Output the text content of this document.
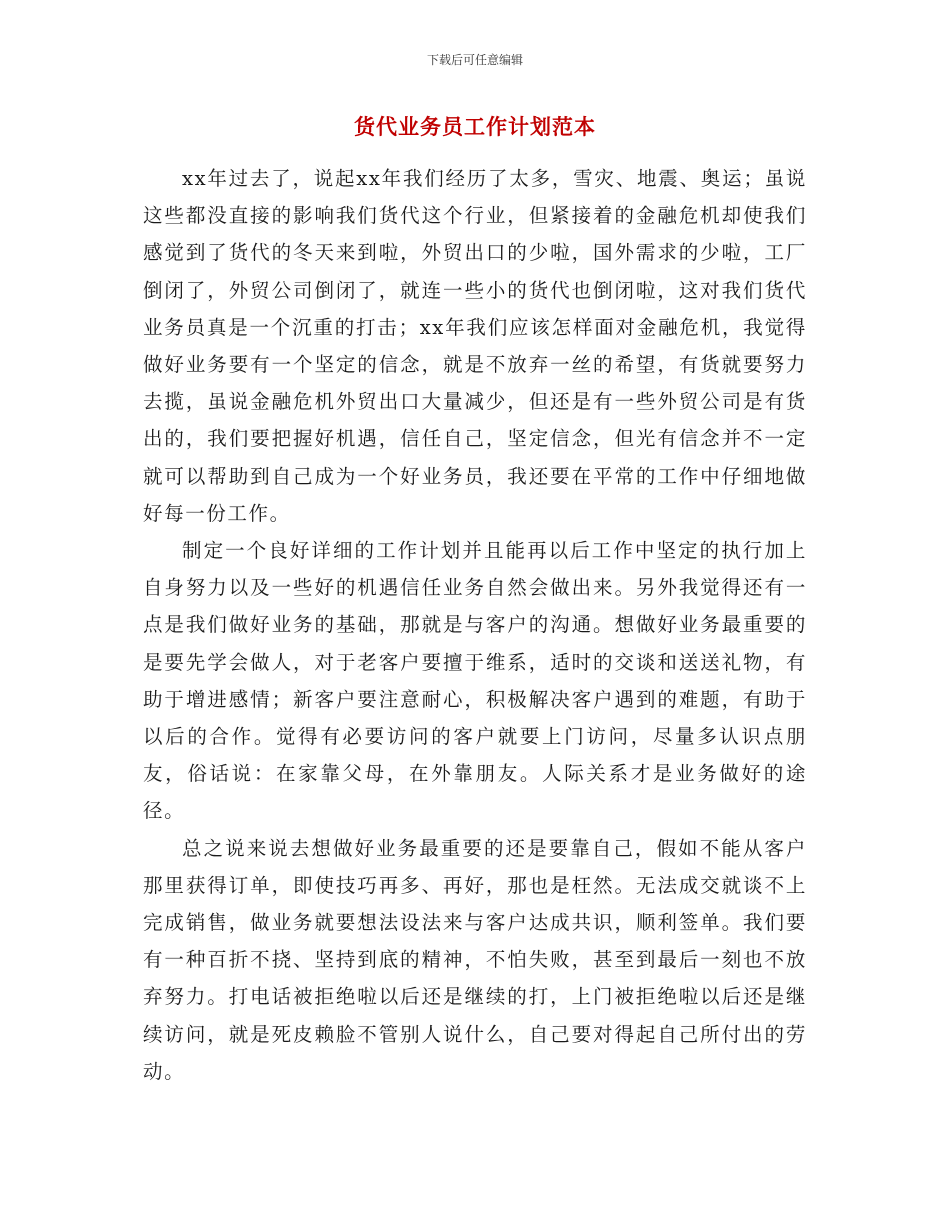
下载后可任意编辑
货代业务员工作计划范本

xx年过去了，说起xx年我们经历了太多，雪灾、地震、奥运；虽说这些都没直接的影响我们货代这个行业，但紧接着的金融危机却使我们感觉到了货代的冬天来到啦，外贸出口的少啦，国外需求的少啦，工厂倒闭了，外贸公司倒闭了，就连一些小的货代也倒闭啦，这对我们货代业务员真是一个沉重的打击；xx年我们应该怎样面对金融危机，我觉得做好业务要有一个坚定的信念，就是不放弃一丝的希望，有货就要努力去揽，虽说金融危机外贸出口大量减少，但还是有一些外贸公司是有货出的，我们要把握好机遇，信任自己，坚定信念，但光有信念并不一定就可以帮助到自己成为一个好业务员，我还要在平常的工作中仔细地做好每一份工作。

制定一个良好详细的工作计划并且能再以后工作中坚定的执行加上自身努力以及一些好的机遇信任业务自然会做出来。另外我觉得还有一点是我们做好业务的基础，那就是与客户的沟通。想做好业务最重要的是要先学会做人，对于老客户要擅于维系，适时的交谈和送送礼物，有助于增进感情；新客户要注意耐心，积极解决客户遇到的难题，有助于以后的合作。觉得有必要访问的客户就要上门访问，尽量多认识点朋友，俗话说：在家靠父母，在外靠朋友。人际关系才是业务做好的途径。

总之说来说去想做好业务最重要的还是要靠自己，假如不能从客户那里获得订单，即使技巧再多、再好，那也是枉然。无法成交就谈不上完成销售，做业务就要想法设法来与客户达成共识，顺利签单。我们要有一种百折不挠、坚持到底的精神，不怕失败，甚至到最后一刻也不放弃努力。打电话被拒绝啦以后还是继续的打，上门被拒绝啦以后还是继续访问，就是死皮赖脸不管别人说什么，自己要对得起自己所付出的劳动。
